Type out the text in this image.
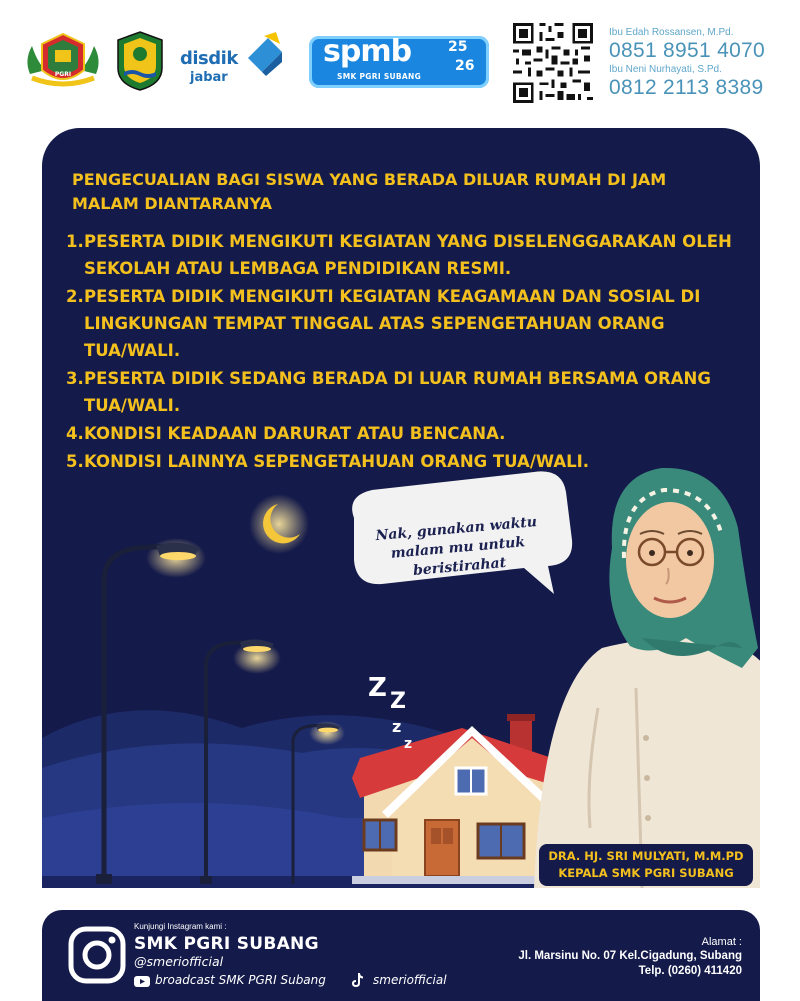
PGRI
disdik
jabar
spmb	25
26
SMK PGRI SUBANG
Ibu Edah Rossansen, M.Pd.
0851 8951 4070
Ibu Neni Nurhayati, S.Pd.
0812 2113 8389
Z Z
z
z
PENGECUALIAN BAGI SISWA YANG BERADA DILUAR RUMAH DI JAM MALAM DIANTARANYA
1. PESERTA DIDIK MENGIKUTI KEGIATAN YANG DISELENGGARAKAN OLEH SEKOLAH ATAU LEMBAGA PENDIDIKAN RESMI.
2. PESERTA DIDIK MENGIKUTI KEGIATAN KEAGAMAAN DAN SOSIAL DI LINGKUNGAN TEMPAT TINGGAL ATAS SEPENGETAHUAN ORANG TUA/WALI.
3. PESERTA DIDIK SEDANG BERADA DI LUAR RUMAH BERSAMA ORANG TUA/WALI.
4. KONDISI KEADAAN DARURAT ATAU BENCANA.
5. KONDISI LAINNYA SEPENGETAHUAN ORANG TUA/WALI.
Nak, gunakan waktu malam mu untuk beristirahat
DRA. HJ. SRI MULYATI, M.M.PD
KEPALA SMK PGRI SUBANG
Kunjungi Instagram kami :
SMK PGRI SUBANG
@smeriofficial
broadcast SMK PGRI Subang	smeriofficial
Alamat :
Jl. Marsinu No. 07 Kel.Cigadung, Subang
Telp. (0260) 411420
